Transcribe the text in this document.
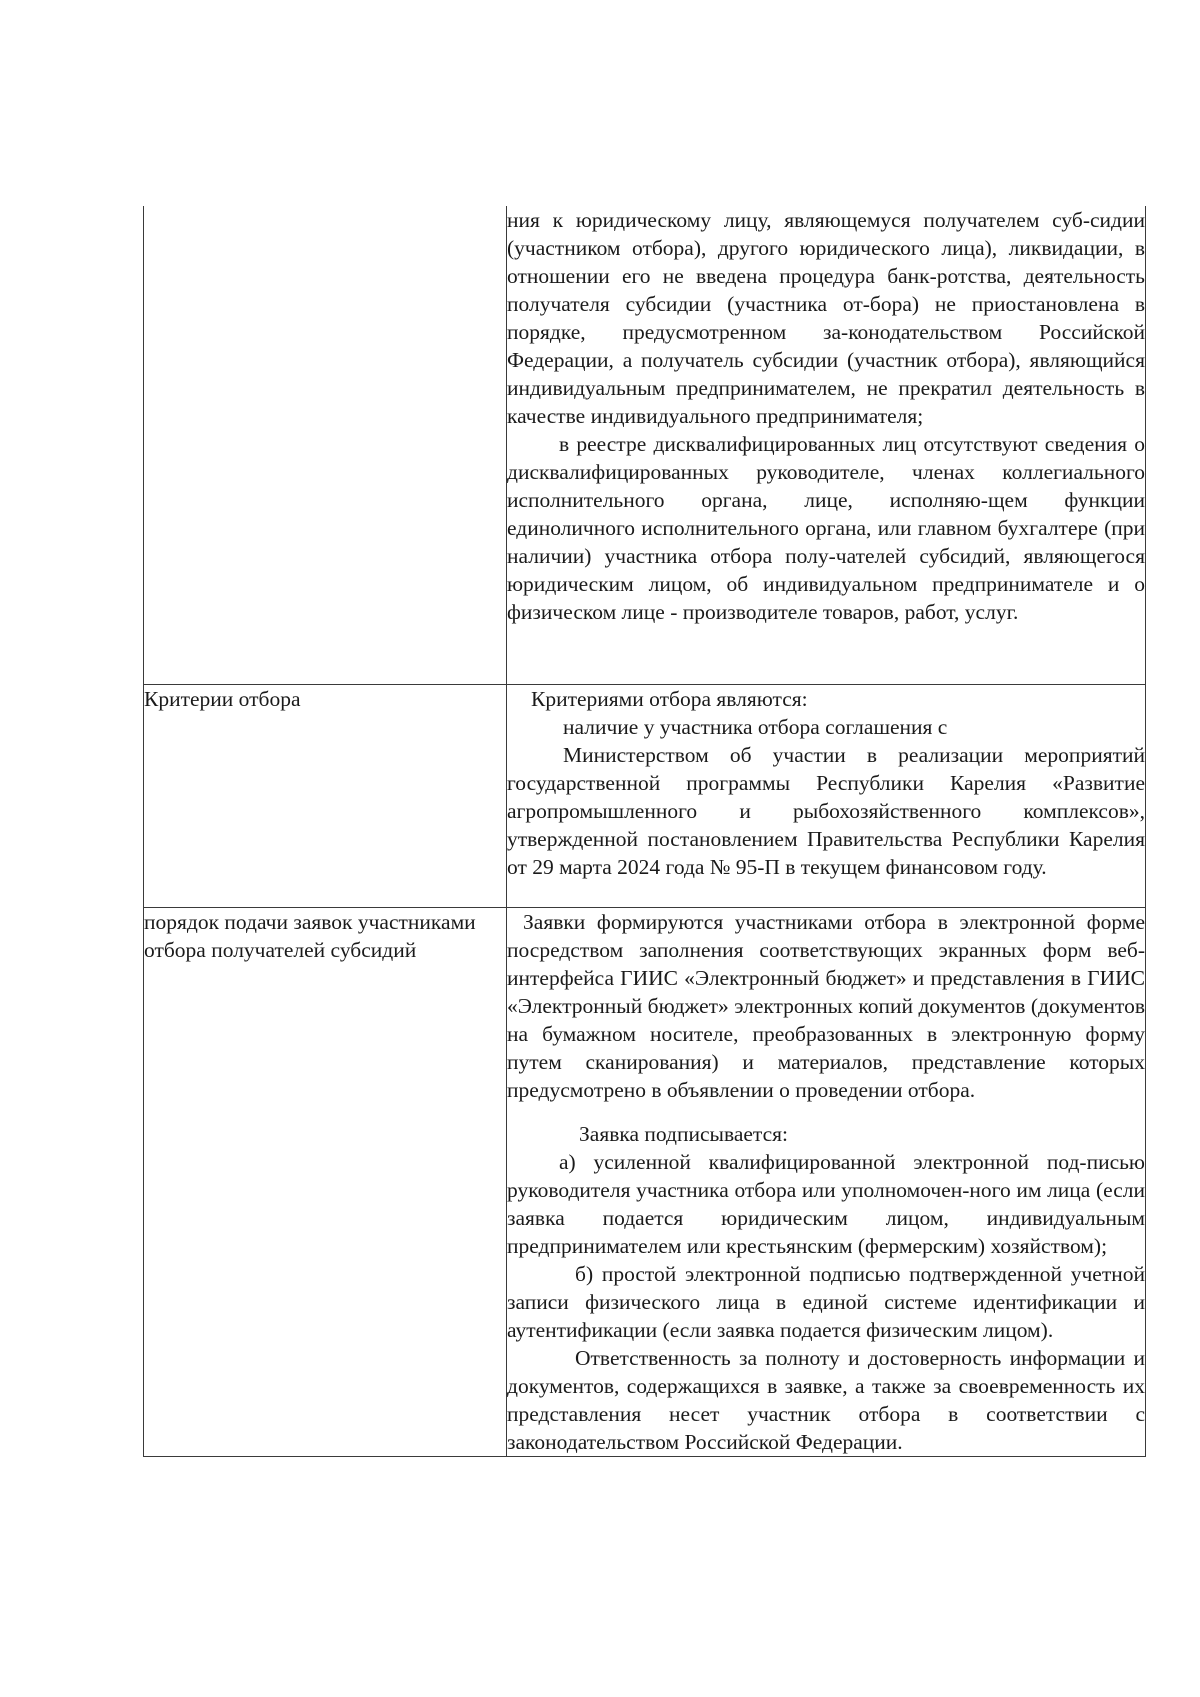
	ния к юридическому лицу, являющемуся получателем суб-сидии (участником отбора), другого юридического лица), ликвидации, в отношении его не введена процедура банк-ротства, деятельность получателя субсидии (участника от-бора) не приостановлена в порядке, предусмотренном за-конодательством Российской Федерации, а получатель субсидии (участник отбора), являющийся индивидуальным предпринимателем, не прекратил деятельность в качестве индивидуального предпринимателя;

в реестре дисквалифицированных лиц отсутствуют сведения о дисквалифицированных руководителе, членах коллегиального исполнительного органа, лице, исполняю-щем функции единоличного исполнительного органа, или главном бухгалтере (при наличии) участника отбора полу-чателей субсидий, являющегося юридическим лицом, об индивидуальном предпринимателе и о физическом лице - производителе товаров, работ, услуг.

Критерии отбора	Критериями отбора являются:

наличие у участника отбора соглашения с

Министерством об участии в реализации мероприятий государственной программы Республики Карелия «Развитие агропромышленного и рыбохозяйственного комплексов», утвержденной постановлением Правительства Республики Карелия от 29 марта 2024 года № 95-П в текущем финансовом году.

порядок подачи заявок участниками отбора получателей субсидий	Заявки формируются участниками отбора в электронной форме посредством заполнения соответствующих экранных форм веб-интерфейса ГИИС «Электронный бюджет» и представления в ГИИС «Электронный бюджет» электронных копий документов (документов на бумажном носителе, преобразованных в электронную форму путем сканирования) и материалов, представление которых предусмотрено в объявлении о проведении отбора.

Заявка подписывается:

а) усиленной квалифицированной электронной под-писью руководителя участника отбора или уполномочен-ного им лица (если заявка подается юридическим лицом, индивидуальным предпринимателем или крестьянским (фермерским) хозяйством);

б) простой электронной подписью подтвержденной учетной записи физического лица в единой системе идентификации и аутентификации (если заявка подается физическим лицом).

Ответственность за полноту и достоверность информации и документов, содержащихся в заявке, а также за своевременность их представления несет участник отбора в соответствии с законодательством Российской Федерации.
